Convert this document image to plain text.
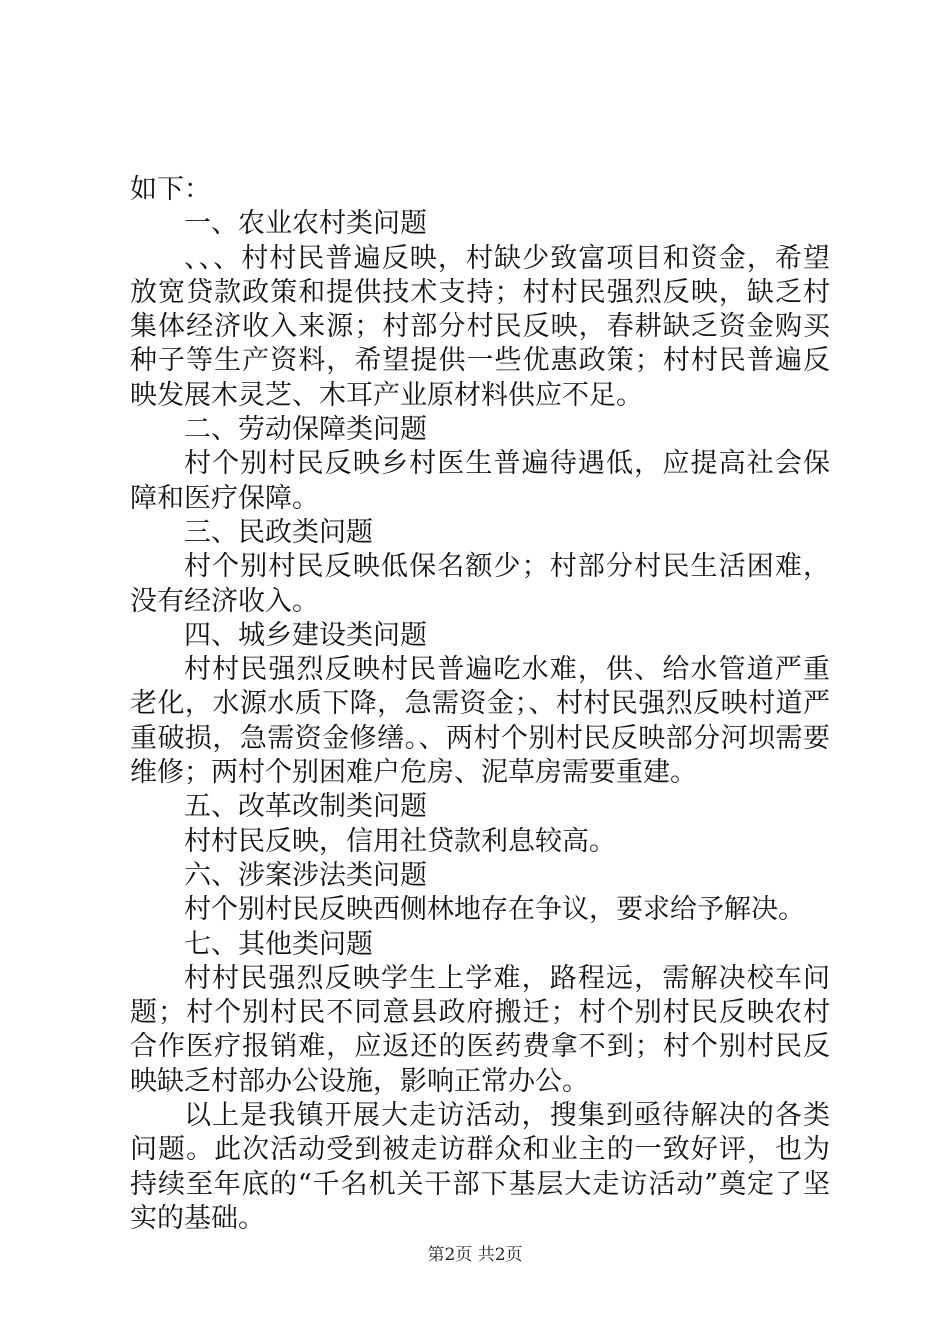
如下：

一、农业农村类问题

、、、村村民普遍反映，村缺少致富项目和资金，希望放宽贷款政策和提供技术支持；村村民强烈反映，缺乏村集体经济收入来源；村部分村民反映，春耕缺乏资金购买种子等生产资料，希望提供一些优惠政策；村村民普遍反映发展木灵芝、木耳产业原材料供应不足。

二、劳动保障类问题

村个别村民反映乡村医生普遍待遇低，应提高社会保障和医疗保障。

三、民政类问题

村个别村民反映低保名额少；村部分村民生活困难，没有经济收入。

四、城乡建设类问题

村村民强烈反映村民普遍吃水难，供、给水管道严重老化，水源水质下降，急需资金；、村村民强烈反映村道严重破损，急需资金修缮。、两村个别村民反映部分河坝需要维修；两村个别困难户危房、泥草房需要重建。

五、改革改制类问题

村村民反映，信用社贷款利息较高。

六、涉案涉法类问题

村个别村民反映西侧林地存在争议，要求给予解决。

七、其他类问题

村村民强烈反映学生上学难，路程远，需解决校车问题；村个别村民不同意县政府搬迁；村个别村民反映农村合作医疗报销难，应返还的医药费拿不到；村个别村民反映缺乏村部办公设施，影响正常办公。

以上是我镇开展大走访活动，搜集到亟待解决的各类问题。此次活动受到被走访群众和业主的一致好评，也为持续至年底的“千名机关干部下基层大走访活动”奠定了坚实的基础。

第2页 共2页
